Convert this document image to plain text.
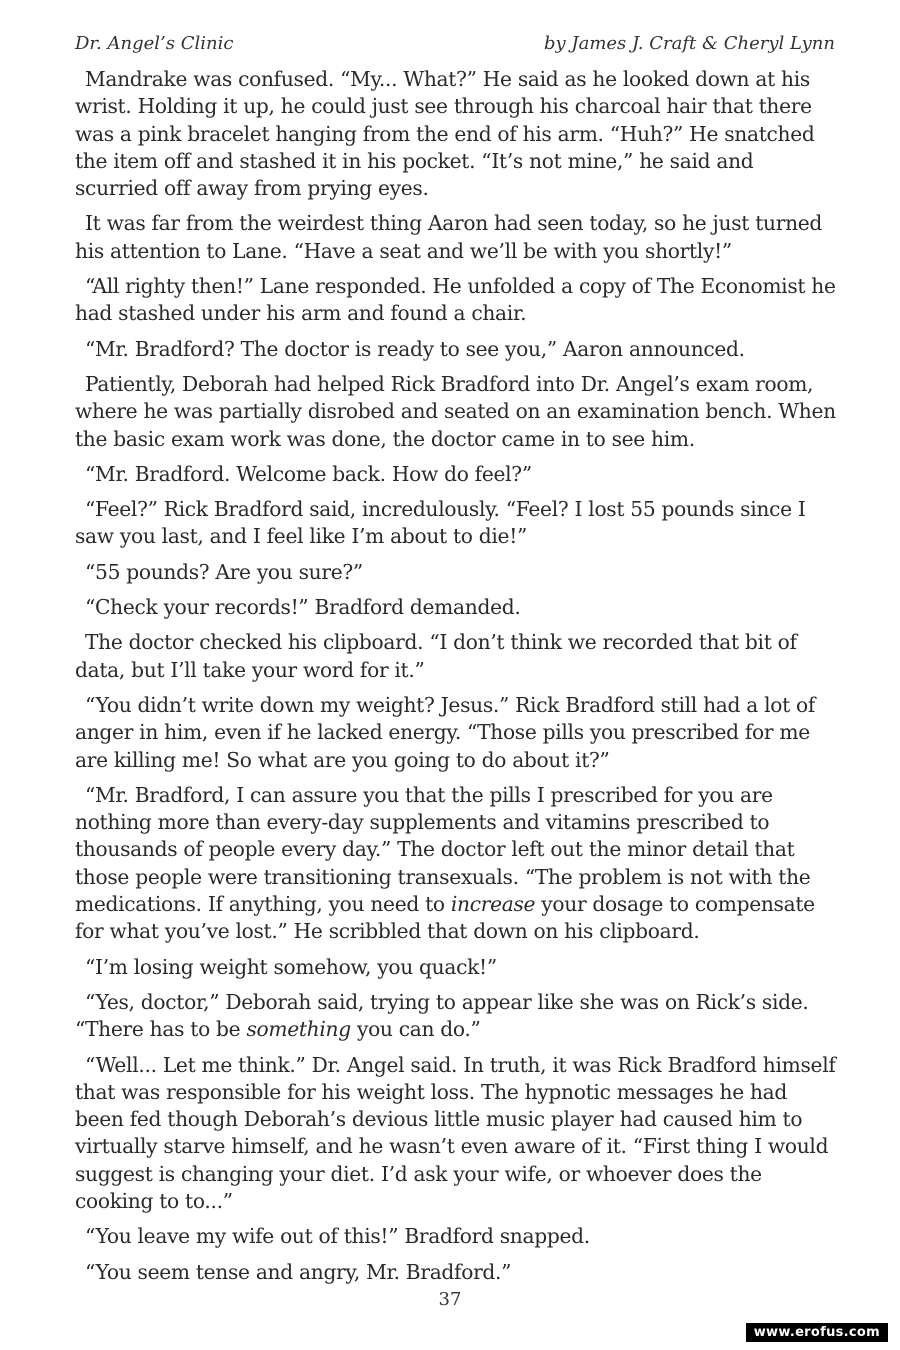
Dr. Angel’s Clinic	by James J. Craft & Cheryl Lynn

Mandrake was confused. “My... What?” He said as he looked down at his wrist. Holding it up, he could just see through his charcoal hair that there was a pink bracelet hanging from the end of his arm. “Huh?” He snatched the item off and stashed it in his pocket. “It’s not mine,” he said and scurried off away from prying eyes.

It was far from the weirdest thing Aaron had seen today, so he just turned his attention to Lane. “Have a seat and we’ll be with you shortly!”

“All righty then!” Lane responded. He unfolded a copy of The Economist he had stashed under his arm and found a chair.

“Mr. Bradford? The doctor is ready to see you,” Aaron announced.

Patiently, Deborah had helped Rick Bradford into Dr. Angel’s exam room, where he was partially disrobed and seated on an examination bench. When the basic exam work was done, the doctor came in to see him.

“Mr. Bradford. Welcome back. How do feel?”

“Feel?” Rick Bradford said, incredulously. “Feel? I lost 55 pounds since I saw you last, and I feel like I’m about to die!”

“55 pounds? Are you sure?”

“Check your records!” Bradford demanded.

The doctor checked his clipboard. “I don’t think we recorded that bit of data, but I’ll take your word for it.”

“You didn’t write down my weight? Jesus.” Rick Bradford still had a lot of anger in him, even if he lacked energy. “Those pills you prescribed for me are killing me! So what are you going to do about it?”

“Mr. Bradford, I can assure you that the pills I prescribed for you are nothing more than every-day supplements and vitamins prescribed to thousands of people every day.” The doctor left out the minor detail that those people were transitioning transexuals. “The problem is not with the medications. If anything, you need to increase your dosage to compensate for what you’ve lost.” He scribbled that down on his clipboard.

“I’m losing weight somehow, you quack!”

“Yes, doctor,” Deborah said, trying to appear like she was on Rick’s side. “There has to be something you can do.”

“Well... Let me think.” Dr. Angel said. In truth, it was Rick Bradford himself that was responsible for his weight loss. The hypnotic messages he had been fed though Deborah’s devious little music player had caused him to virtually starve himself, and he wasn’t even aware of it. “First thing I would suggest is changing your diet. I’d ask your wife, or whoever does the cooking to to...”

“You leave my wife out of this!” Bradford snapped.

“You seem tense and angry, Mr. Bradford.”

37
www.erofus.com
